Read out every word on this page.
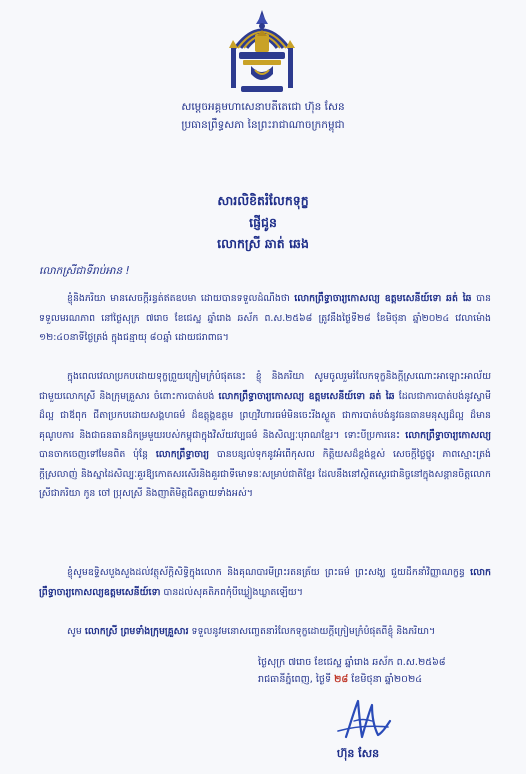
សម្តេចអគ្គមហាសេនាបតីតេជោ ហ៊ុន សែន
ប្រធានព្រឹទ្ធសភា នៃព្រះរាជាណាចក្រកម្ពុជា
សារលិខិតរំលែកទុក្ខ
ផ្ញើជូន
លោកស្រី ឆាត់ ឆេង
លោកស្រីជាទីរាប់អាន !

ខ្ញុំនិងភរិយា មានសេចក្តីរន្ធត់ឥតឧបមា ដោយបានទទួលដំណឹងថា លោកព្រឹទ្ធាចារ្យកោសល្យ ឧត្តមសេនីយ៍ទោ ឆត់ ឆៃ បានទទួលមរណភាព នៅថ្ងៃសុក្រ ៧រោច ខែជេស្ឋ ឆ្នាំរោង ឆស័ក ព.ស.២៥៦៨ ត្រូវនឹងថ្ងៃទី២៨ ខែមិថុនា ឆ្នាំ២០២៤ វេលាម៉ោង ១២:៤០នាទីថ្ងៃត្រង់ ក្នុងជន្មាយុ ៨០ឆ្នាំ ដោយជរាពាធ។

ក្នុងពេលវេលាប្រកបដោយទុក្ខព្រួយក្រៀមក្រំបំផុតនេះ ខ្ញុំ និងភរិយា សូមចូលរួមរំលែកទុក្ខនិងក្តីស្រណោះអាឡោះអាល័យជាមួយលោកស្រី និងក្រុមគ្រួសារ ចំពោះការបាត់បង់ លោកព្រឹទ្ធាចារ្យកោសល្យ ឧត្តមសេនីយ៍ទោ ឆត់ ឆៃ ដែលជាការបាត់បង់នូវស្វាមី ដ៏ល្អ ជាឪពុក ជីតាប្រកបដោយសង្គហធម៌ ដ៏ឧត្តុង្គឧត្តម ព្រហ្មវិហារធម៌មិនចេះរីងស្ងួត ជាការបាត់បង់នូវធនធានមនុស្សដ៏ល្អ ដ៏មានគុណូបការ និងជាធនធានដ៏កម្រមួយរបស់កម្ពុជាក្នុងវិស័យវប្បធម៌ និងសិល្បៈបុរាណខ្មែរ។ ទោះបីប្រការនេះ លោកព្រឹទ្ធាចារ្យកោសល្យ បានចាកចេញទៅមែនពិត ប៉ុន្តែ លោកព្រឹទ្ធាចារ្យ បានបន្សល់ទុកនូវអំពើកុសល កិត្តិយសដ៏ខ្ពង់ខ្ពស់ សេចក្តីថ្លៃថ្នូរ ភាពស្មោះត្រង់ ក្តីស្រលាញ់ និងស្នាដៃសិល្បៈគួរឱ្យកោតសរសើរនិងគួរជាទីមោទនៈសម្រាប់ជាតិខ្មែរ ដែលនឹងនៅស្ថិតស្ថេរជានិច្ចនៅក្នុងសន្តានចិត្តលោកស្រីជាភរិយា កូន ចៅ ប្រុសស្រី និងញាតិមិត្តជិតឆ្ងាយទាំងអស់។

ខ្ញុំសូមឧទ្ទិសបួងសួងដល់វត្ថុស័ក្តិសិទ្ធិក្នុងលោក និងគុណបារមីព្រះរតនត្រ័យ ព្រះធម៌ ព្រះសង្ឃ ជួយដឹកនាំវិញ្ញាណក្ខន្ធ លោកព្រឹទ្ធាចារ្យកោសល្យឧត្តមសេនីយ៍ទោ បានដល់សុគតិភពកុំបីឃ្លៀងឃ្លាតឡើយ។

សូម លោកស្រី ព្រមទាំងក្រុមគ្រួសារ ទទួលនូវមនោសញ្ចេតនារំលែកទុក្ខដោយក្តីក្រៀមក្រំបំផុតពីខ្ញុំ និងភរិយា។

ថ្ងៃសុក្រ ៧រោច ខែជេស្ឋ ឆ្នាំរោង ឆស័ក ព.ស.២៥៦៨
រាជធានីភ្នំពេញ, ថ្ងៃទី ២៨ ខែមិថុនា ឆ្នាំ២០២៤
ហ៊ុន សែន
